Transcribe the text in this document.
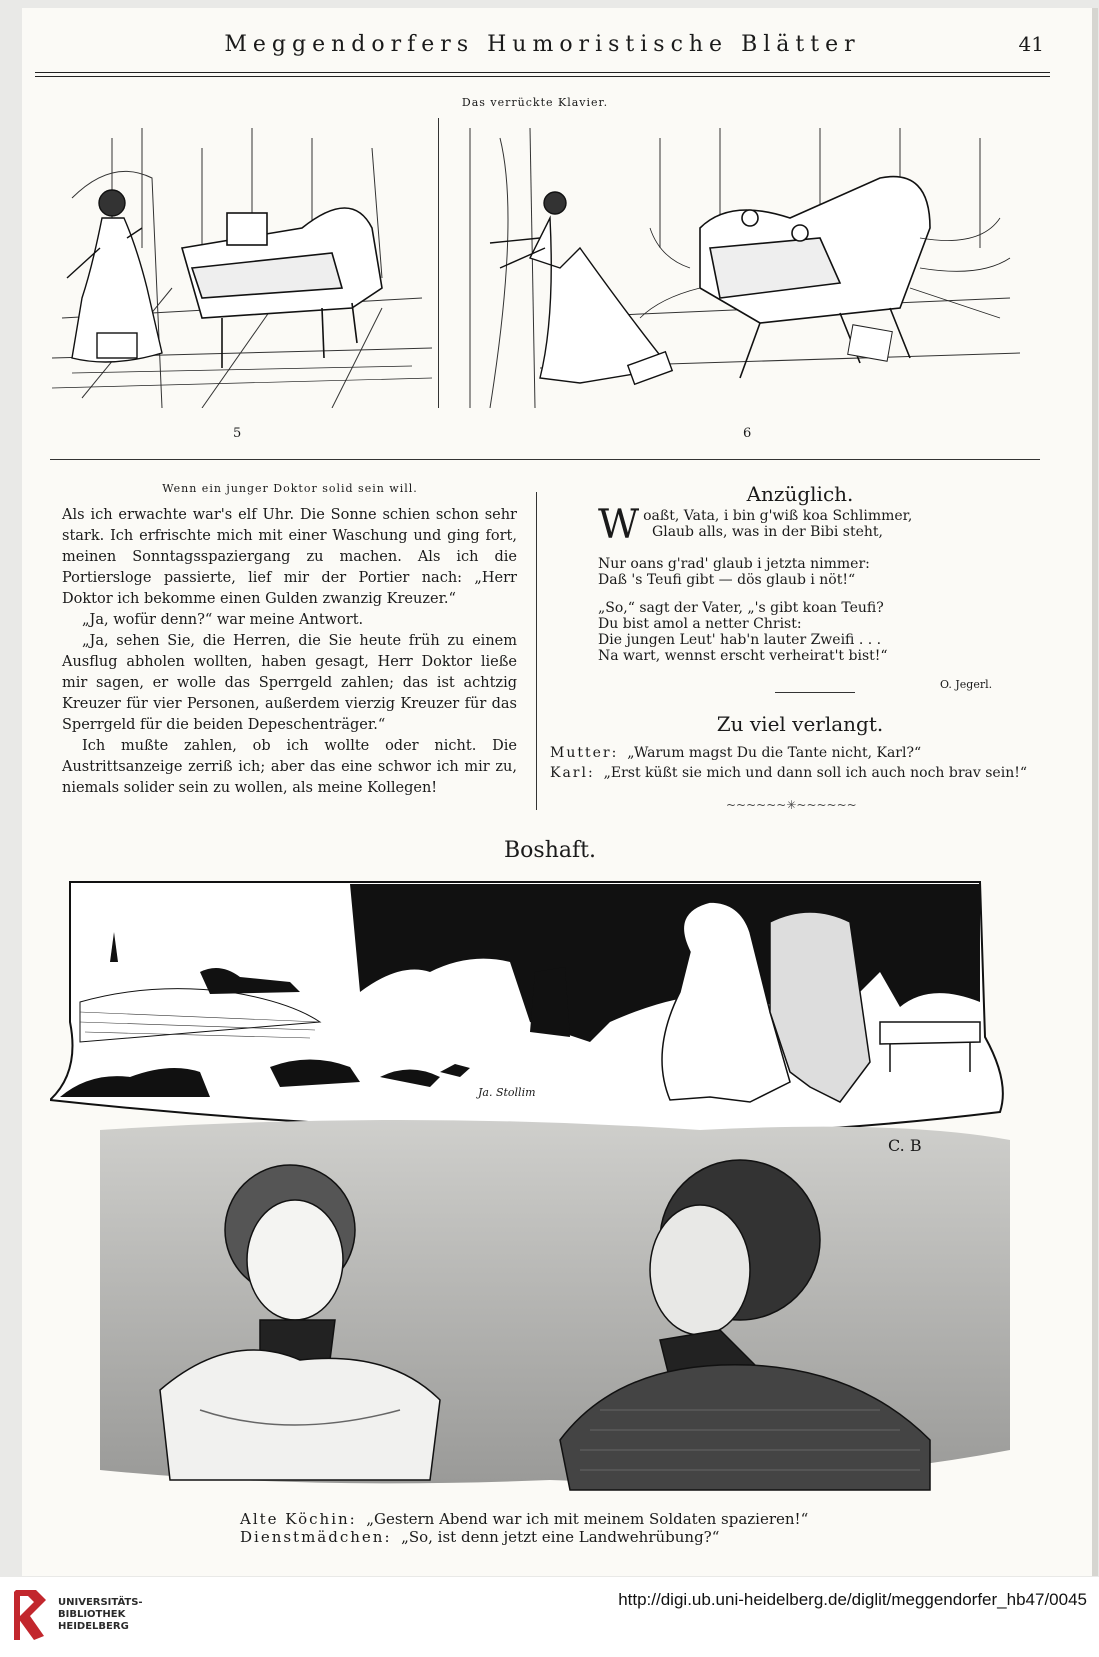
Meggendorfers Humoristische Blätter	41
Das verrückte Klavier.
5	6
Wenn ein junger Doktor solid sein will.

Als ich erwachte war's elf Uhr. Die Sonne schien schon sehr stark. Ich erfrischte mich mit einer Waschung und ging fort, meinen Sonntagsspaziergang zu machen. Als ich die Portiersloge passierte, lief mir der Portier nach: „Herr Doktor ich bekomme einen Gulden zwanzig Kreuzer.“

„Ja, wofür denn?“ war meine Antwort.

„Ja, sehen Sie, die Herren, die Sie heute früh zu einem Ausflug abholen wollten, haben gesagt, Herr Doktor ließe mir sagen, er wolle das Sperrgeld zahlen; das ist achtzig Kreuzer für vier Personen, außerdem vierzig Kreuzer für das Sperrgeld für die beiden Depeschenträger.“

Ich mußte zahlen, ob ich wollte oder nicht. Die Austrittsanzeige zerriß ich; aber das eine schwor ich mir zu, niemals solider sein zu wollen, als meine Kollegen!

Anzüglich.
Woaßt, Vata, i bin g'wiß koa Schlimmer,
Glaub alls, was in der Bibi steht,

Nur oans g'rad' glaub i jetzta nimmer:
Daß 's Teufi gibt — dös glaub i nöt!“
„So,“ sagt der Vater, „'s gibt koan Teufi?
Du bist amol a netter Christ:
Die jungen Leut' hab'n lauter Zweifi . . .
Na wart, wennst erscht verheirat't bist!“
O. Jegerl.
Zu viel verlangt.
Mutter: „Warum magst Du die Tante nicht, Karl?“
Karl: „Erst küßt sie mich und dann soll ich auch noch brav sein!“
~~~~~~✳~~~~~~
Boshaft.
C. B
Ja. Stollim
Alte Köchin: „Gestern Abend war ich mit meinem Soldaten spazieren!“
Dienstmädchen: „So, ist denn jetzt eine Landwehrübung?“
UNIVERSITÄTS-
BIBLIOTHEK
HEIDELBERG
http://digi.ub.uni-heidelberg.de/diglit/meggendorfer_hb47/0045
